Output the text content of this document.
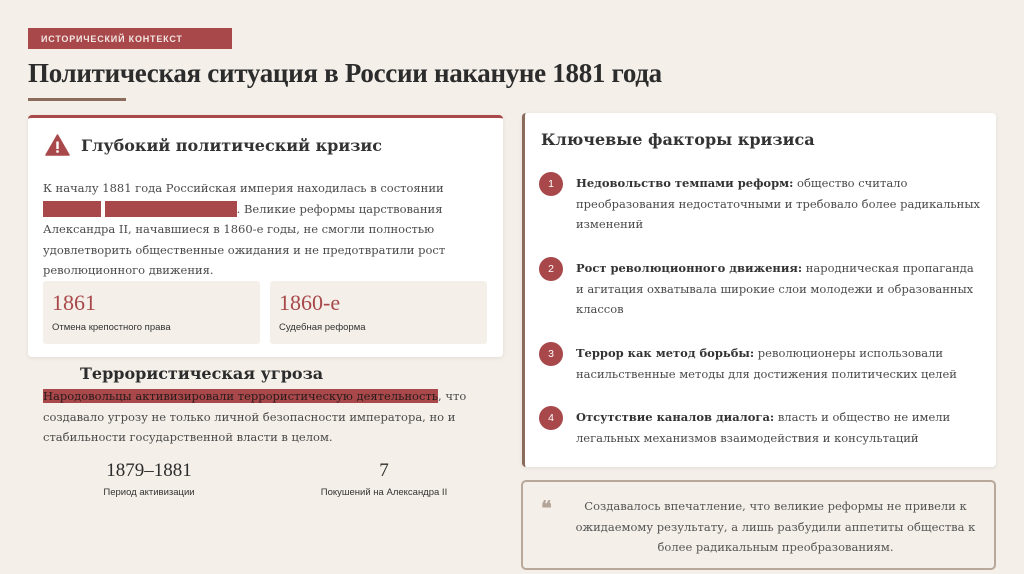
ИСТОРИЧЕСКИЙ КОНТЕКСТ
Политическая ситуация в России накануне 1881 года
Глубокий политический кризис
К началу 1881 года Российская империя находилась в состоянии  . Великие реформы царствования Александра II, начавшиеся в 1860-е годы, не смогли полностью удовлетворить общественные ожидания и не предотвратили рост революционного движения.
1861
Отмена крепостного права
1860-е
Судебная реформа
Террористическая угроза
Народовольцы активизировали террористическую деятельность, что создавало угрозу не только личной безопасности императора, но и стабильности государственной власти в целом.
1879–1881
Период активизации
7
Покушений на Александра II
Ключевые факторы кризиса
1	Недовольство темпами реформ: общество считало преобразования недостаточными и требовало более радикальных изменений
2	Рост революционного движения: народническая пропаганда и агитация охватывала широкие слои молодежи и образованных классов
3	Террор как метод борьбы: революционеры использовали насильственные методы для достижения политических целей
4	Отсутствие каналов диалога: власть и общество не имели легальных механизмов взаимодействия и консультаций
❝	Создавалось впечатление, что великие реформы не привели к ожидаемому результату, а лишь разбудили аппетиты общества к более радикальным преобразованиям.
